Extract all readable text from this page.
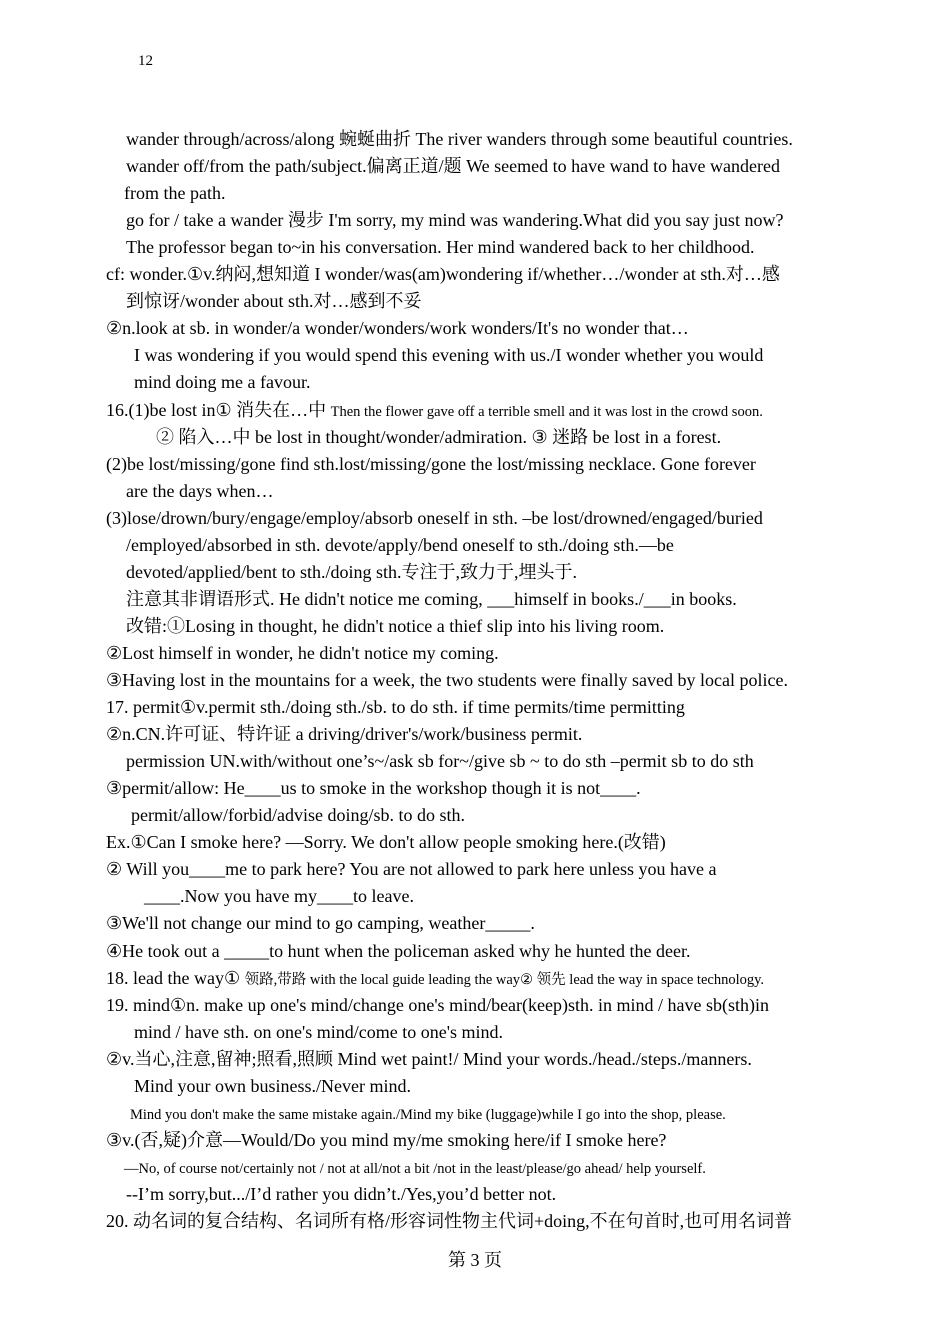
12
wander through/across/along 蜿蜒曲折 The river wanders through some beautiful countries.
wander off/from the path/subject.偏离正道/题 We seemed to have wand to have wandered
from the path.
go for / take a wander 漫步 I'm sorry, my mind was wandering.What did you say just now?
The professor began to~in his conversation. Her mind wandered back to her childhood.
cf: wonder.①v.纳闷,想知道 I wonder/was(am)wondering if/whether…/wonder at sth.对…感
到惊讶/wonder about sth.对…感到不妥
②n.look at sb. in wonder/a wonder/wonders/work wonders/It's no wonder that…
I was wondering if you would spend this evening with us./I wonder whether you would
mind doing me a favour.
16.(1)be lost in① 消失在…中 Then the flower gave off a terrible smell and it was lost in the crowd soon.
② 陷入…中 be lost in thought/wonder/admiration. ③ 迷路 be lost in a forest.
(2)be lost/missing/gone find sth.lost/missing/gone the lost/missing necklace. Gone forever
are the days when…
(3)lose/drown/bury/engage/employ/absorb oneself in sth. –be lost/drowned/engaged/buried
/employed/absorbed in sth. devote/apply/bend oneself to sth./doing sth.—be
devoted/applied/bent to sth./doing sth.专注于,致力于,埋头于.
注意其非谓语形式. He didn't notice me coming, ___himself in books./___in books.
改错:①Losing in thought, he didn't notice a thief slip into his living room.
②Lost himself in wonder, he didn't notice my coming.
③Having lost in the mountains for a week, the two students were finally saved by local police.
17. permit①v.permit sth./doing sth./sb. to do sth. if time permits/time permitting
②n.CN.许可证、特许证 a driving/driver's/work/business permit.
permission UN.with/without one’s~/ask sb for~/give sb ~ to do sth –permit sb to do sth
③permit/allow: He____us to smoke in the workshop though it is not____.
permit/allow/forbid/advise doing/sb. to do sth.
Ex.①Can I smoke here? —Sorry. We don't allow people smoking here.(改错)
② Will you____me to park here? You are not allowed to park here unless you have a
____.Now you have my____to leave.
③We'll not change our mind to go camping, weather_____.
④He took out a _____to hunt when the policeman asked why he hunted the deer.
18. lead the way① 领路,带路 with the local guide leading the way② 领先 lead the way in space technology.
19. mind①n. make up one's mind/change one's mind/bear(keep)sth. in mind / have sb(sth)in
mind / have sth. on one's mind/come to one's mind.
②v.当心,注意,留神;照看,照顾 Mind wet paint!/ Mind your words./head./steps./manners.
Mind your own business./Never mind.
Mind you don't make the same mistake again./Mind my bike (luggage)while I go into the shop, please.
③v.(否,疑)介意—Would/Do you mind my/me smoking here/if I smoke here?
—No, of course not/certainly not / not at all/not a bit /not in the least/please/go ahead/ help yourself.
--I’m sorry,but.../I’d rather you didn’t./Yes,you’d better not.
20. 动名词的复合结构、名词所有格/形容词性物主代词+doing,不在句首时,也可用名词普
第 3 页
